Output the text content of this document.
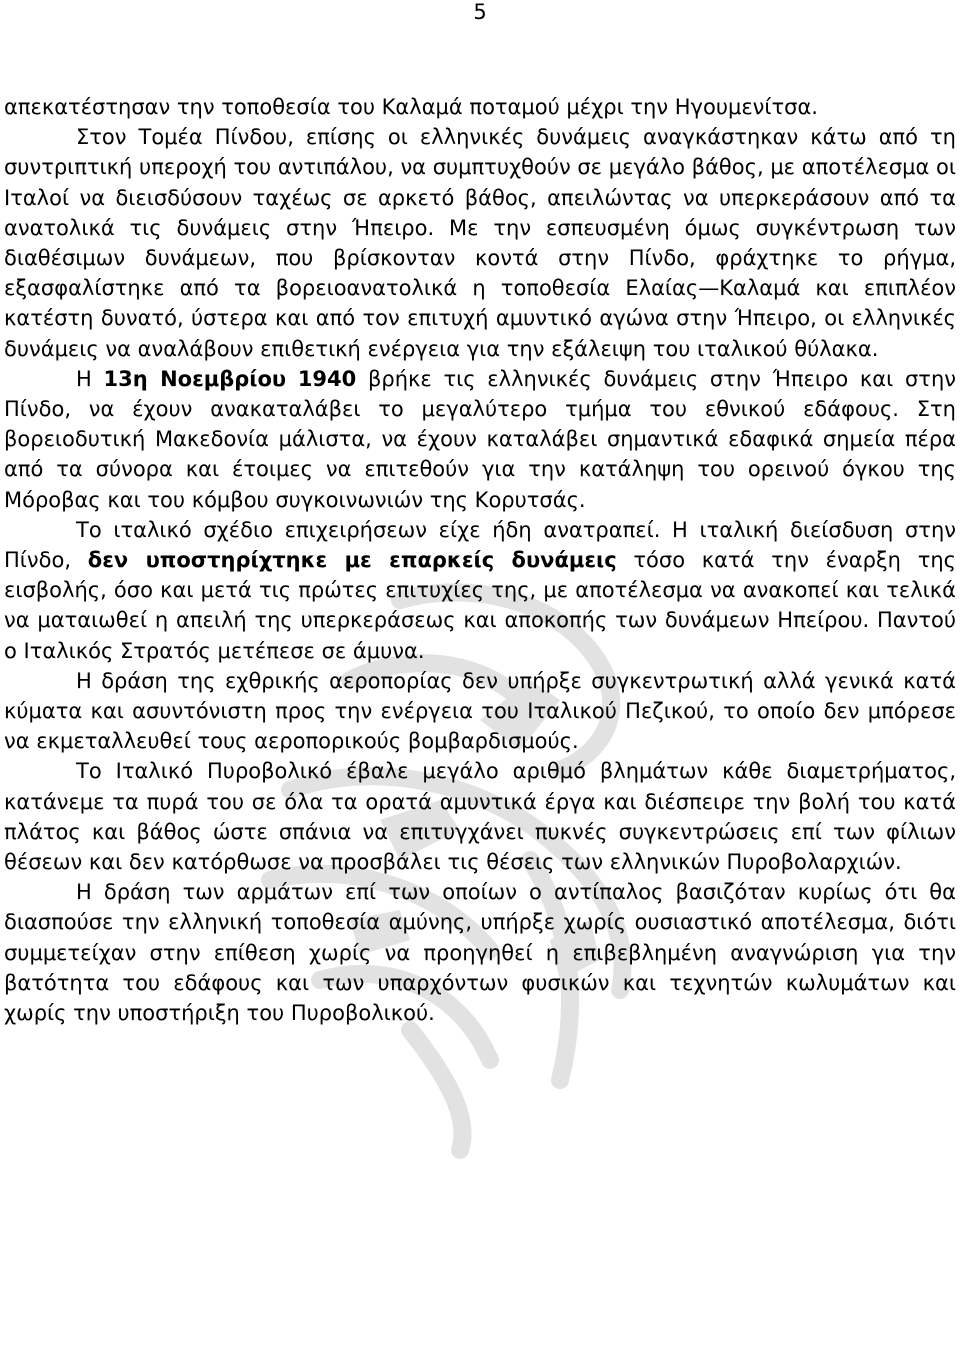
5

απεκατέστησαν την τοποθεσία του Καλαμά ποταμού μέχρι την Ηγουμενίτσα.

Στον Τομέα Πίνδου, επίσης οι ελληνικές δυνάμεις αναγκάστηκαν κάτω από τη συντριπτική υπεροχή του αντιπάλου, να συμπτυχθούν σε μεγάλο βάθος, με αποτέλεσμα οι Ιταλοί να διεισδύσουν ταχέως σε αρκετό βάθος, απειλώντας να υπερκεράσουν από τα ανατολικά τις δυνάμεις στην Ήπειρο. Με την εσπευσμένη όμως συγκέντρωση των διαθέσιμων δυνάμεων, που βρίσκονταν κοντά στην Πίνδο, φράχτηκε το ρήγμα, εξασφαλίστηκε από τα βορειοανατολικά η τοποθεσία Ελαίας—Καλαμά και επιπλέον κατέστη δυνατό, ύστερα και από τον επιτυχή αμυντικό αγώνα στην Ήπειρο, οι ελληνικές δυνάμεις να αναλάβουν επιθετική ενέργεια για την εξάλειψη του ιταλικού θύλακα.

Η 13η Νοεμβρίου 1940 βρήκε τις ελληνικές δυνάμεις στην Ήπειρο και στην Πίνδο, να έχουν ανακαταλάβει το μεγαλύτερο τμήμα του εθνικού εδάφους. Στη βορειοδυτική Μακεδονία μάλιστα, να έχουν καταλάβει σημαντικά εδαφικά σημεία πέρα από τα σύνορα και έτοιμες να επιτεθούν για την κατάληψη του ορεινού όγκου της Μόροβας και του κόμβου συγκοινωνιών της Κορυτσάς.

Το ιταλικό σχέδιο επιχειρήσεων είχε ήδη ανατραπεί. Η ιταλική διείσδυση στην Πίνδο, δεν υποστηρίχτηκε με επαρκείς δυνάμεις τόσο κατά την έναρξη της εισβολής, όσο και μετά τις πρώτες επιτυχίες της, με αποτέλεσμα να ανακοπεί και τελικά να ματαιωθεί η απειλή της υπερκεράσεως και αποκοπής των δυνάμεων Ηπείρου. Παντού ο Ιταλικός Στρατός μετέπεσε σε άμυνα.

Η δράση της εχθρικής αεροπορίας δεν υπήρξε συγκεντρωτική αλλά γενικά κατά κύματα και ασυντόνιστη προς την ενέργεια του Ιταλικού Πεζικού, το οποίο δεν μπόρεσε να εκμεταλλευθεί τους αεροπορικούς βομβαρδισμούς.

Το Ιταλικό Πυροβολικό έβαλε μεγάλο αριθμό βλημάτων κάθε διαμετρήματος, κατάνεμε τα πυρά του σε όλα τα ορατά αμυντικά έργα και διέσπειρε την βολή του κατά πλάτος και βάθος ώστε σπάνια να επιτυγχάνει πυκνές συγκεντρώσεις επί των φίλιων θέσεων και δεν κατόρθωσε να προσβάλει τις θέσεις των ελληνικών Πυροβολαρχιών.

Η δράση των αρμάτων επί των οποίων ο αντίπαλος βασιζόταν κυρίως ότι θα διασπούσε την ελληνική τοποθεσία αμύνης, υπήρξε χωρίς ουσιαστικό αποτέλεσμα, διότι συμμετείχαν στην επίθεση χωρίς να προηγηθεί η επιβεβλημένη αναγνώριση για την βατότητα του εδάφους και των υπαρχόντων φυσικών και τεχνητών κωλυμάτων και χωρίς την υποστήριξη του Πυροβολικού.
